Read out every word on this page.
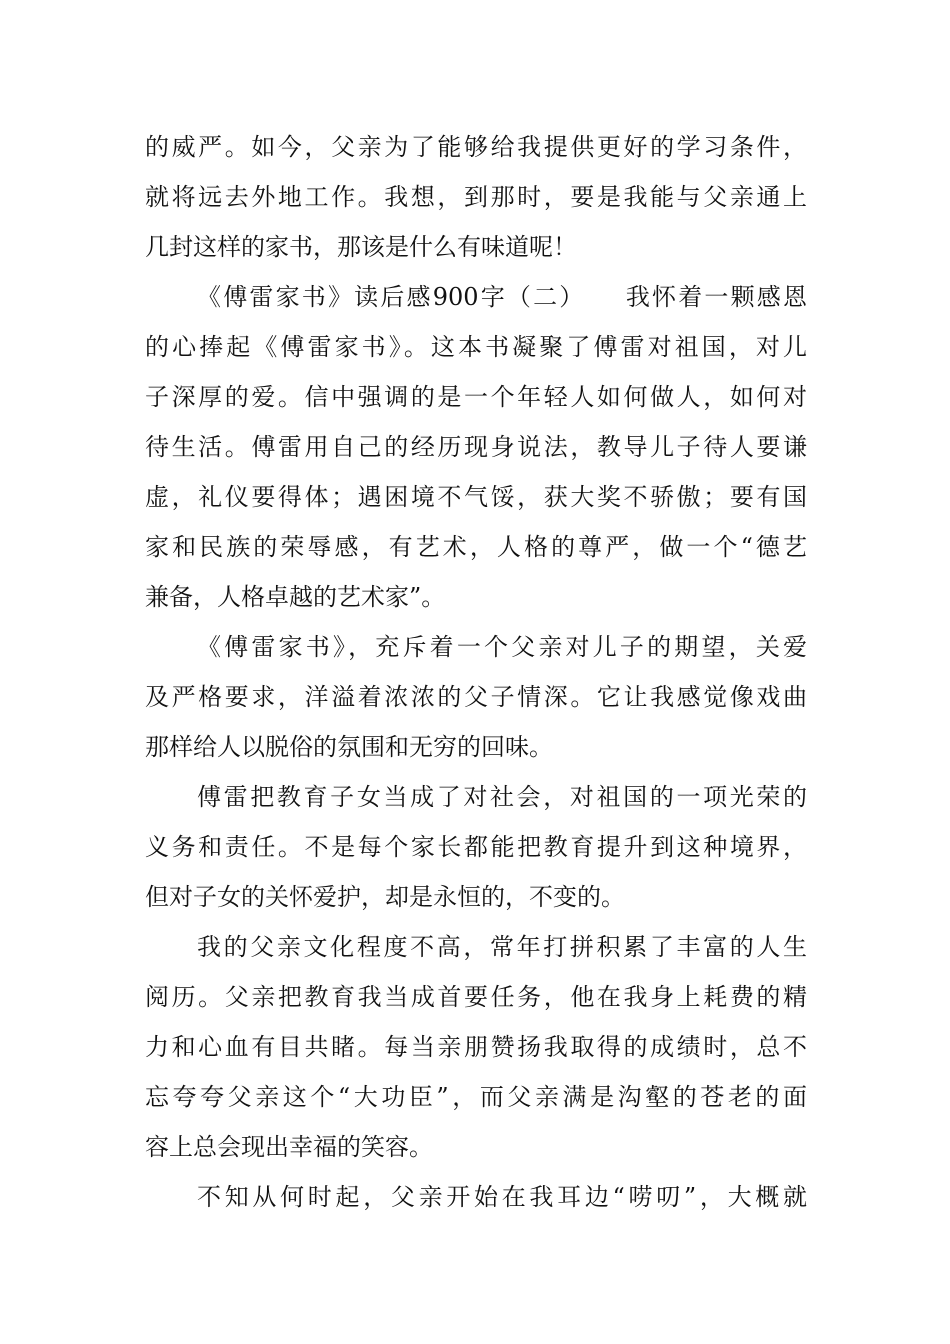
的威严。如今，父亲为了能够给我提供更好的学习条件，
就将远去外地工作。我想，到那时，要是我能与父亲通上
几封这样的家书，那该是什么有味道呢！
《傅雷家书》读后感900字（二）　　我怀着一颗感恩
的心捧起《傅雷家书》。这本书凝聚了傅雷对祖国，对儿
子深厚的爱。信中强调的是一个年轻人如何做人，如何对
待生活。傅雷用自己的经历现身说法，教导儿子待人要谦
虚，礼仪要得体；遇困境不气馁，获大奖不骄傲；要有国
家和民族的荣辱感，有艺术，人格的尊严，做一个“德艺
兼备，人格卓越的艺术家”。
《傅雷家书》，充斥着一个父亲对儿子的期望，关爱
及严格要求，洋溢着浓浓的父子情深。它让我感觉像戏曲
那样给人以脱俗的氛围和无穷的回味。
傅雷把教育子女当成了对社会，对祖国的一项光荣的
义务和责任。不是每个家长都能把教育提升到这种境界，
但对子女的关怀爱护，却是永恒的，不变的。
我的父亲文化程度不高，常年打拼积累了丰富的人生
阅历。父亲把教育我当成首要任务，他在我身上耗费的精
力和心血有目共睹。每当亲朋赞扬我取得的成绩时，总不
忘夸夸父亲这个“大功臣”，而父亲满是沟壑的苍老的面
容上总会现出幸福的笑容。
不知从何时起，父亲开始在我耳边“唠叨”，大概就
